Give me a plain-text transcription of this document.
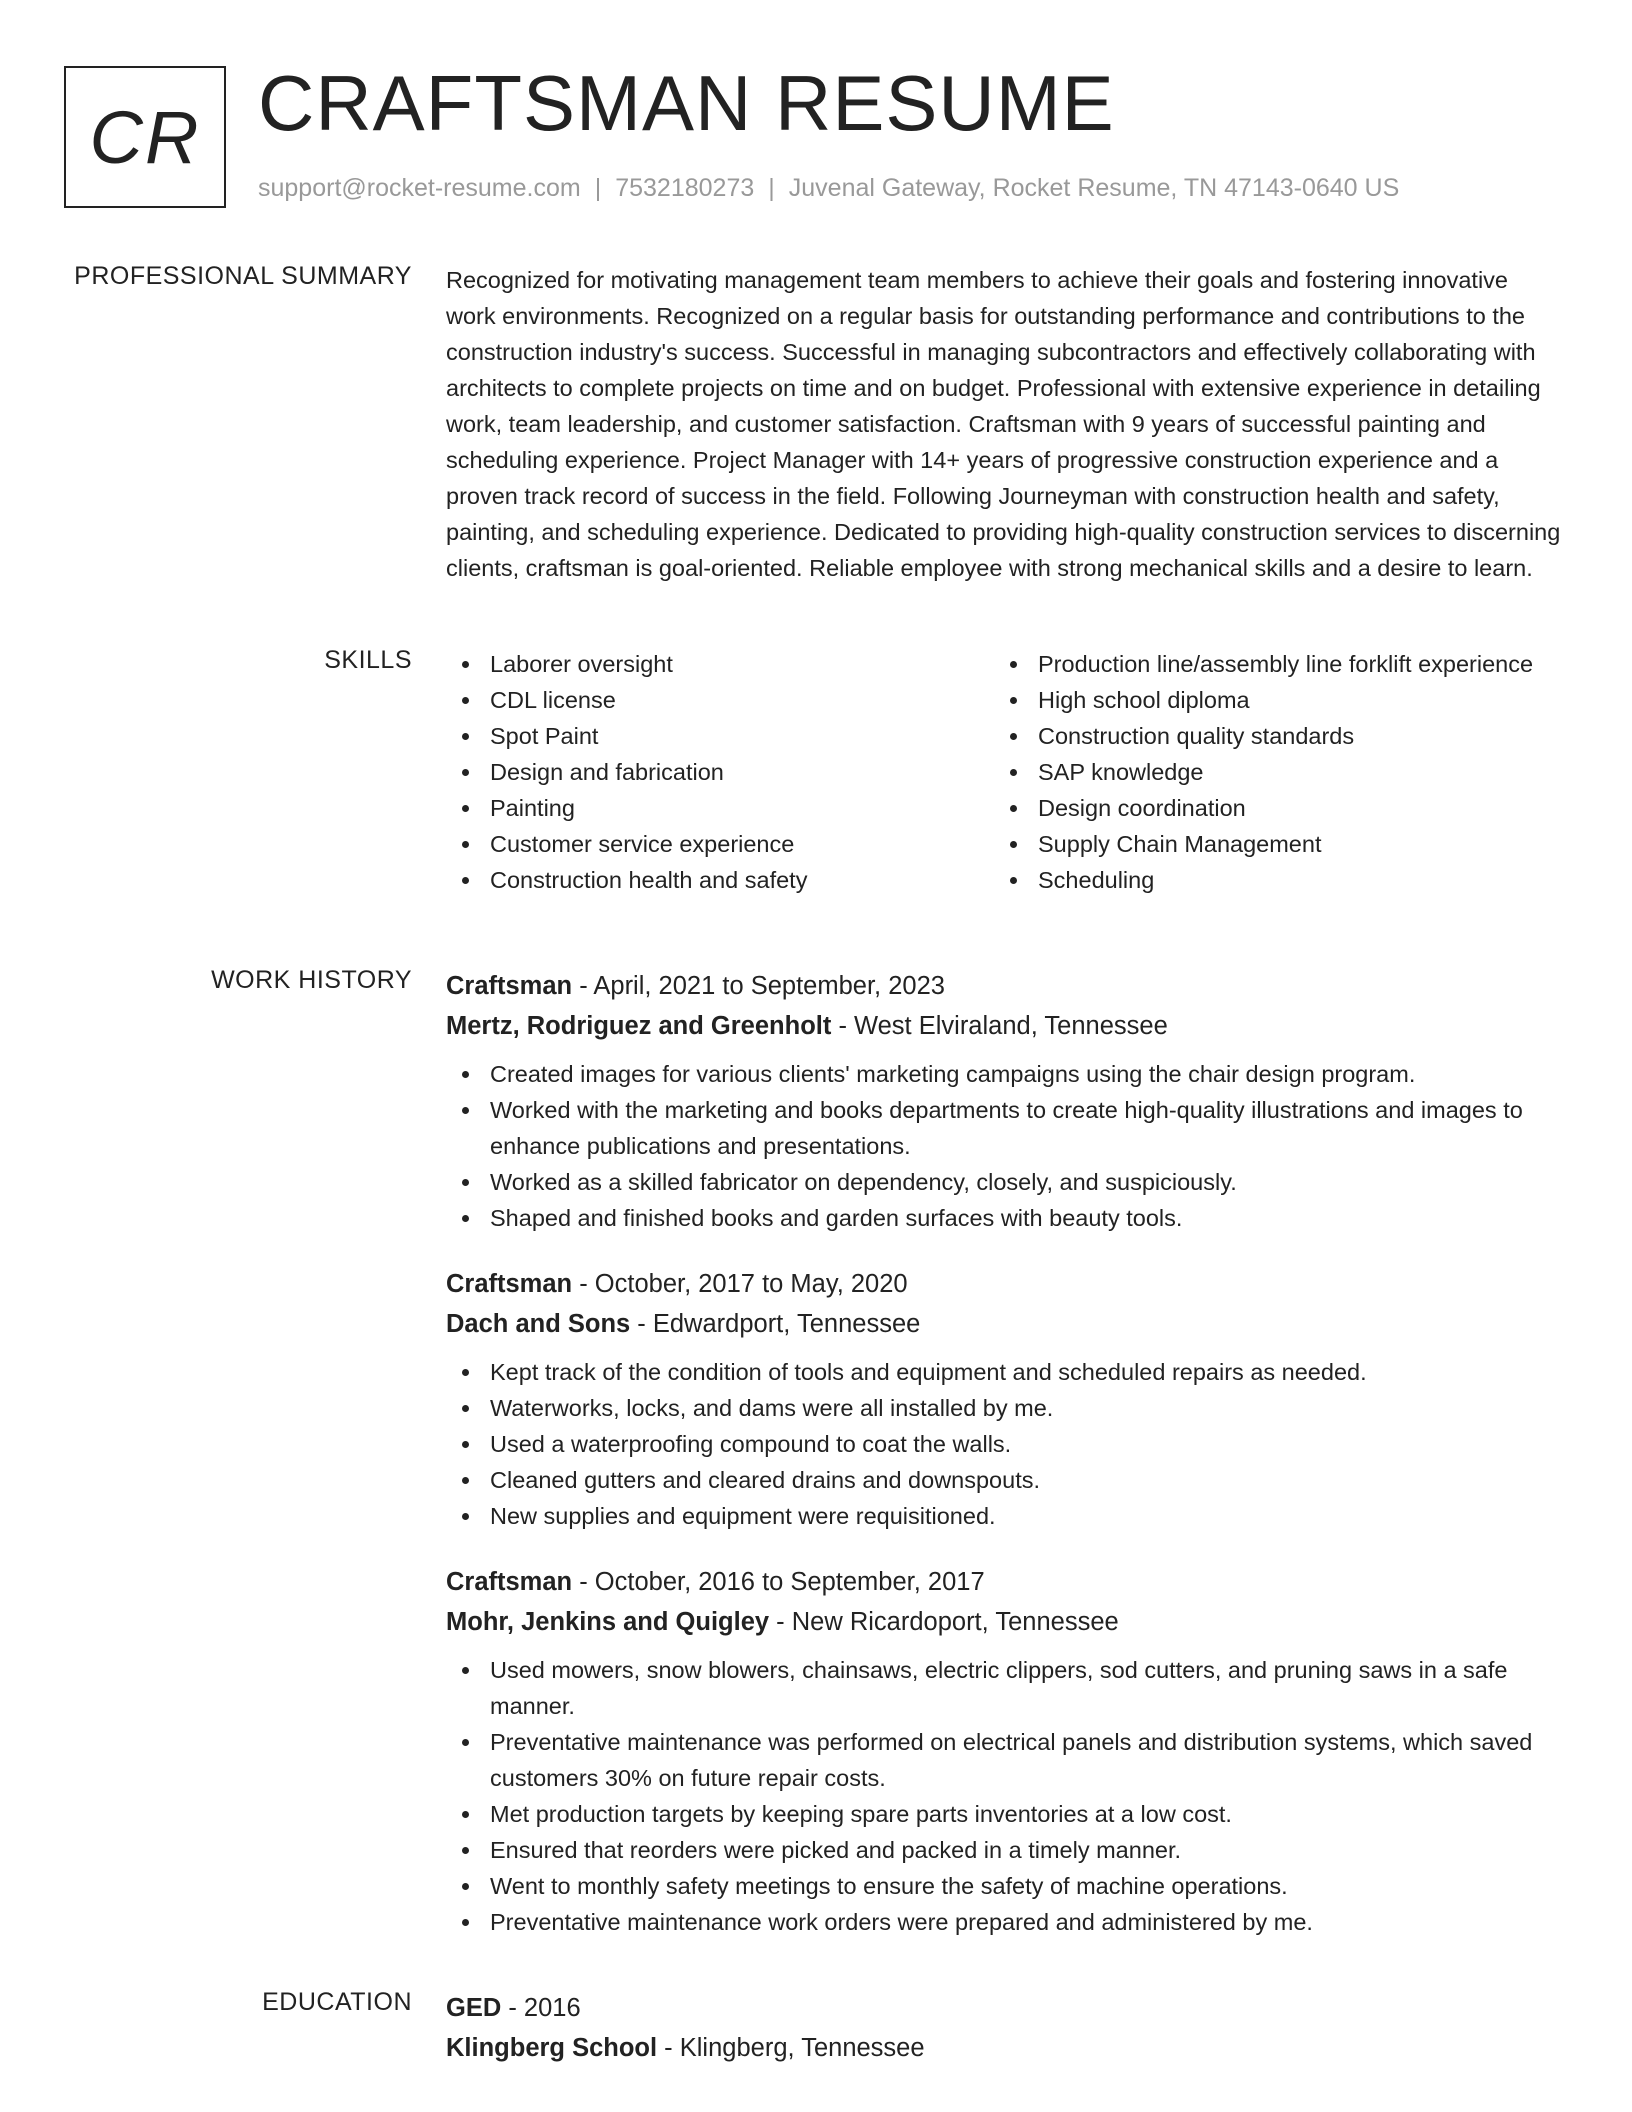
CR CRAFTSMAN RESUME
support@rocket-resume.com | 7532180273 | Juvenal Gateway, Rocket Resume, TN 47143-0640 US
PROFESSIONAL SUMMARY Recognized for motivating management team members to achieve their goals and fostering innovative work environments. Recognized on a regular basis for outstanding performance and contributions to the construction industry's success. Successful in managing subcontractors and effectively collaborating with architects to complete projects on time and on budget. Professional with extensive experience in detailing work, team leadership, and customer satisfaction. Craftsman with 9 years of successful painting and scheduling experience. Project Manager with 14+ years of progressive construction experience and a proven track record of success in the field. Following Journeyman with construction health and safety, painting, and scheduling experience. Dedicated to providing high-quality construction services to discerning clients, craftsman is goal-oriented. Reliable employee with strong mechanical skills and a desire to learn.
SKILLS	Laborer oversight
CDL license
Spot Paint
Design and fabrication
Painting
Customer service experience
Construction health and safety
Production line/assembly line forklift experience
High school diploma
Construction quality standards
SAP knowledge
Design coordination
Supply Chain Management
Scheduling
WORK HISTORY Craftsman - April, 2021 to September, 2023
Mertz, Rodriguez and Greenholt - West Elviraland, Tennessee
Created images for various clients' marketing campaigns using the chair design program.
Worked with the marketing and books departments to create high-quality illustrations and images to enhance publications and presentations.
Worked as a skilled fabricator on dependency, closely, and suspiciously.
Shaped and finished books and garden surfaces with beauty tools.
Craftsman - October, 2017 to May, 2020
Dach and Sons - Edwardport, Tennessee
Kept track of the condition of tools and equipment and scheduled repairs as needed.
Waterworks, locks, and dams were all installed by me.
Used a waterproofing compound to coat the walls.
Cleaned gutters and cleared drains and downspouts.
New supplies and equipment were requisitioned.
Craftsman - October, 2016 to September, 2017
Mohr, Jenkins and Quigley - New Ricardoport, Tennessee
Used mowers, snow blowers, chainsaws, electric clippers, sod cutters, and pruning saws in a safe manner.
Preventative maintenance was performed on electrical panels and distribution systems, which saved customers 30% on future repair costs.
Met production targets by keeping spare parts inventories at a low cost.
Ensured that reorders were picked and packed in a timely manner.
Went to monthly safety meetings to ensure the safety of machine operations.
Preventative maintenance work orders were prepared and administered by me.
EDUCATION GED - 2016
Klingberg School - Klingberg, Tennessee
